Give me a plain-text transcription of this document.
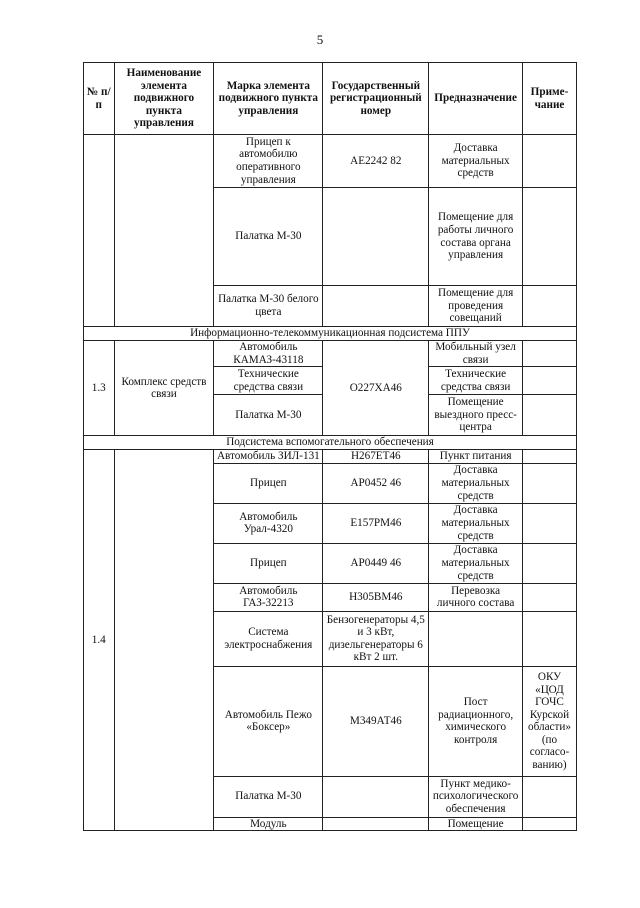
5
№ п/п	Наименование элемента подвижного пункта управления	Марка элемента подвижного пункта управления	Государственный регистрационный номер	Предназначение	Приме-чание
		Прицеп к автомобилю оперативного управления	АЕ2242 82	Доставка материальных средств	
		Палатка М-30		Помещение для работы личного состава органа управления	
		Палатка М-30 белого цвета		Помещение для проведения совещаний	
Информационно-телекоммуникационная подсистема ППУ					
1.3	Комплекс средств связи	Автомобиль КАМАЗ-43118	О227ХА46	Мобильный узел связи	
		Технические средства связи		Технические средства связи	
		Палатка М-30		Помещение выездного пресс-центра	
Подсистема вспомогательного обеспечения					
1.4		Автомобиль ЗИЛ-131	Н267ЕТ46	Пункт питания	
		Прицеп	АР0452 46	Доставка материальных средств	
		Автомобиль Урал-4320	Е157РМ46	Доставка материальных средств	
		Прицеп	АР0449 46	Доставка материальных средств	
		Автомобиль ГАЗ-32213	Н305ВМ46	Перевозка личного состава	
		Система электроснабжения	Бензогенераторы 4,5 и 3 кВт, дизельгенераторы 6 кВт 2 шт.		
		Автомобиль Пежо «Боксер»	М349АТ46	Пост радиационного, химического контроля	ОКУ «ЦОД ГОЧС Курской области» (по согласо-ванию)
		Палатка М-30		Пункт медико-психологического обеспечения	
		Модуль		Помещение	
